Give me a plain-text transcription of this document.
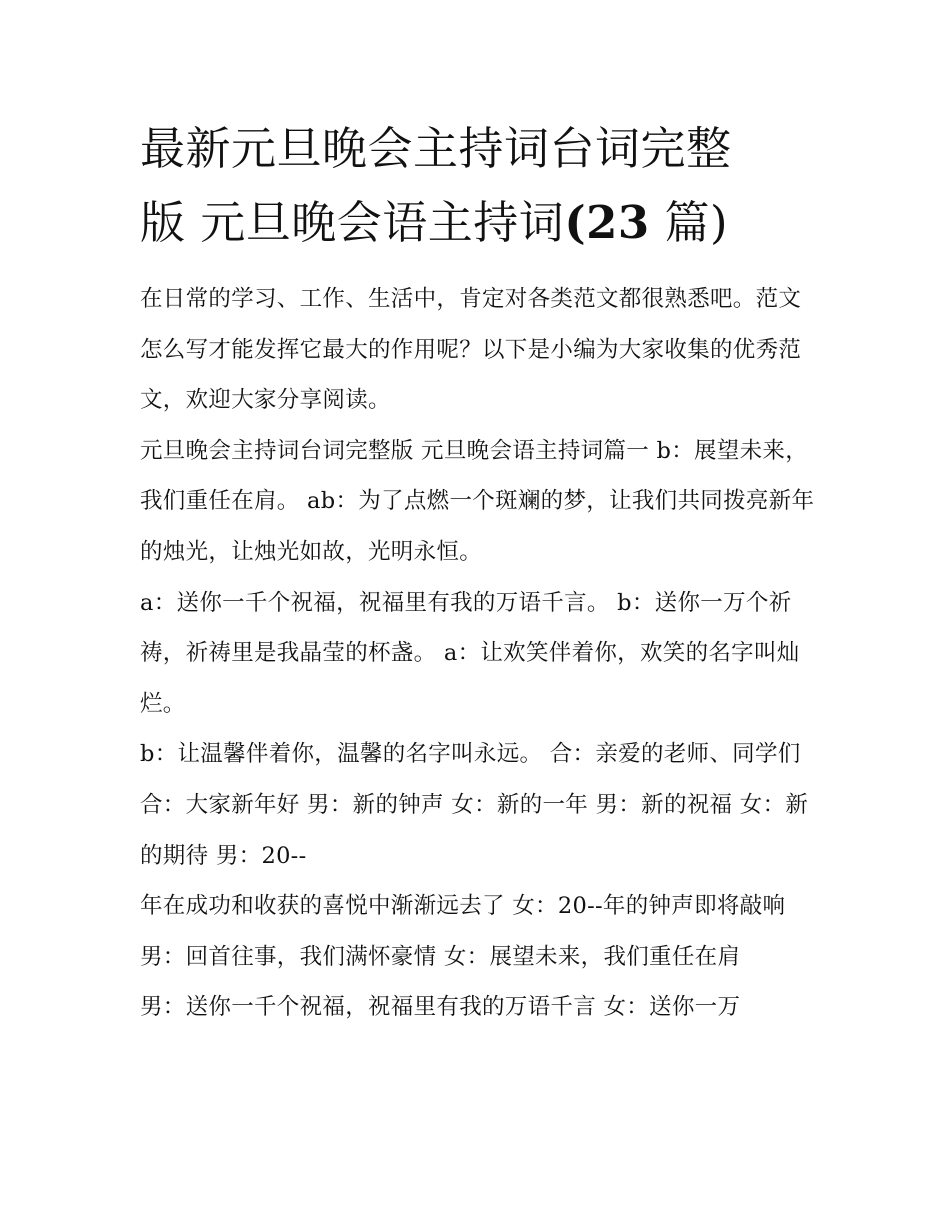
最新元旦晚会主持词台词完整
版 元旦晚会语主持词(23 篇)

在日常的学习、工作、生活中，肯定对各类范文都很熟悉吧。范文怎么写才能发挥它最大的作用呢？以下是小编为大家收集的优秀范文，欢迎大家分享阅读。

元旦晚会主持词台词完整版 元旦晚会语主持词篇一 b：展望未来，我们重任在肩。 ab：为了点燃一个斑斓的梦，让我们共同拨亮新年的烛光，让烛光如故，光明永恒。

a：送你一千个祝福，祝福里有我的万语千言。 b：送你一万个祈祷，祈祷里是我晶莹的杯盏。 a：让欢笑伴着你，欢笑的名字叫灿烂。

b：让温馨伴着你，温馨的名字叫永远。 合：亲爱的老师、同学们 合：大家新年好 男：新的钟声 女：新的一年 男：新的祝福 女：新的期待 男：20--

年在成功和收获的喜悦中渐渐远去了 女：20--年的钟声即将敲响 男：回首往事，我们满怀豪情 女：展望未来，我们重任在肩

男：送你一千个祝福，祝福里有我的万语千言 女：送你一万
